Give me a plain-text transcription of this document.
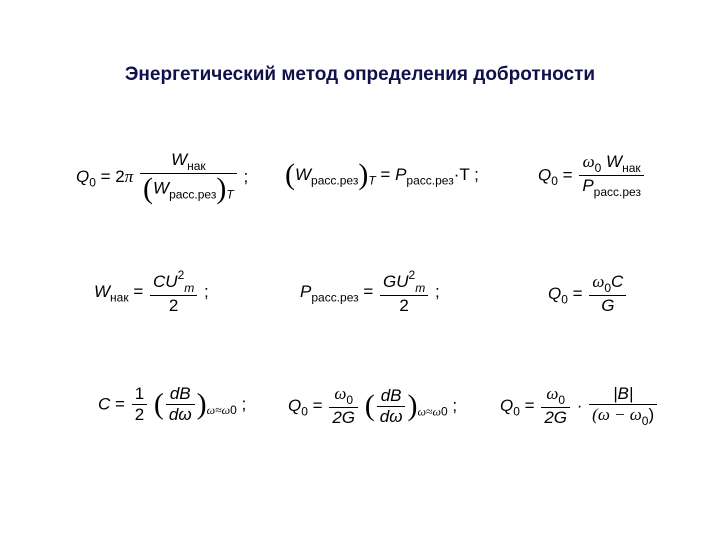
Энергетический метод определения добротности
$Q_0 = 2\pi \frac{W_{нак}}{(W_{расс.рез})_T}$ ; $(W_{расс.рез})_T = P_{расс.рез}\cdot T$ ;	$Q_0 = \frac{\omega_0 W_{нак}}{P_{расс.рез}}$
$W_{нак} = \frac{CU^2_m}{2}$ ;	$P_{расс.рез} = \frac{GU^2_m}{2}$ ;	$Q_0 = \frac{\omega_0C}{G}$
$C = \frac{1}{2}$ ( $\frac{dB}{d\omega} )_{\omega\approx\omega 0}$ ; $Q_0 = \frac{\omega_0}{2G}$ ( $\frac{dB}{d\omega} )_{\omega\approx\omega 0}$ ;	$Q_0 = \frac{\omega_0}{2G} \cdot \frac{|B|}{(\omega - \omega_0)}$
